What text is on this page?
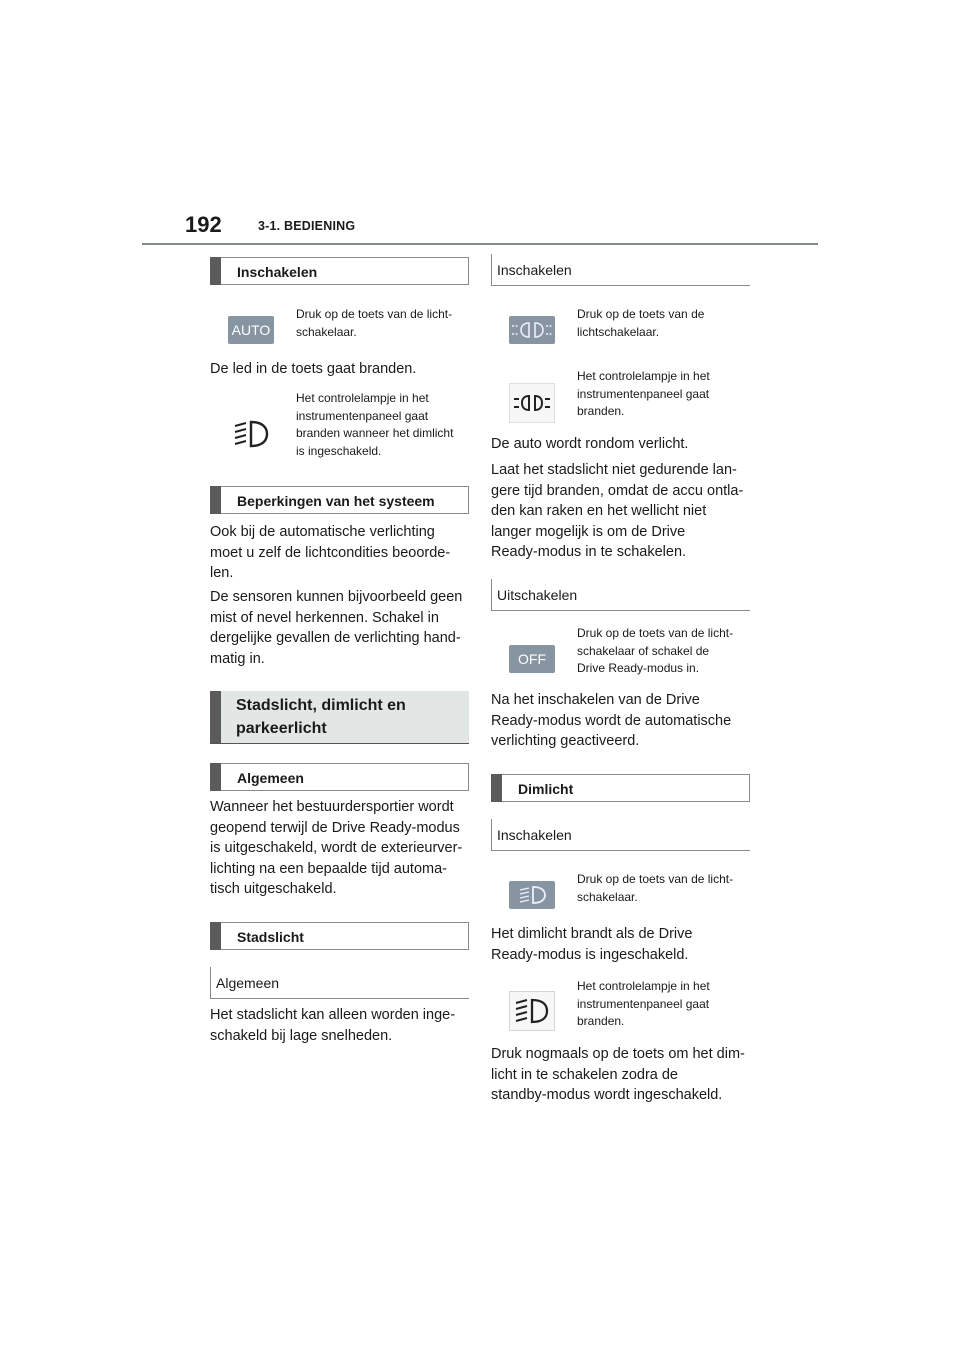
192	3-1. BEDIENING
Inschakelen
AUTO
Druk op de toets van de licht-
schakelaar.
De led in de toets gaat branden.
Het controlelampje in het
instrumentenpaneel gaat
branden wanneer het dimlicht
is ingeschakeld.
Beperkingen van het systeem
Ook bij de automatische verlichting
moet u zelf de lichtcondities beoorde-
len.
De sensoren kunnen bijvoorbeeld geen
mist of nevel herkennen. Schakel in
dergelijke gevallen de verlichting hand-
matig in.
Stadslicht, dimlicht en
parkeerlicht
Algemeen
Wanneer het bestuurdersportier wordt
geopend terwijl de Drive Ready-modus
is uitgeschakeld, wordt de exterieurver-
lichting na een bepaalde tijd automa-
tisch uitgeschakeld.
Stadslicht
Algemeen
Het stadslicht kan alleen worden inge-
schakeld bij lage snelheden.
Inschakelen
Druk op de toets van de
lichtschakelaar.
Het controlelampje in het
instrumentenpaneel gaat
branden.
De auto wordt rondom verlicht.
Laat het stadslicht niet gedurende lan-
gere tijd branden, omdat de accu ontla-
den kan raken en het wellicht niet
langer mogelijk is om de Drive
Ready-modus in te schakelen.
Uitschakelen
OFF
Druk op de toets van de licht-
schakelaar of schakel de
Drive Ready-modus in.
Na het inschakelen van de Drive
Ready-modus wordt de automatische
verlichting geactiveerd.
Dimlicht
Inschakelen
Druk op de toets van de licht-
schakelaar.
Het dimlicht brandt als de Drive
Ready-modus is ingeschakeld.
Het controlelampje in het
instrumentenpaneel gaat
branden.
Druk nogmaals op de toets om het dim-
licht in te schakelen zodra de
standby-modus wordt ingeschakeld.
